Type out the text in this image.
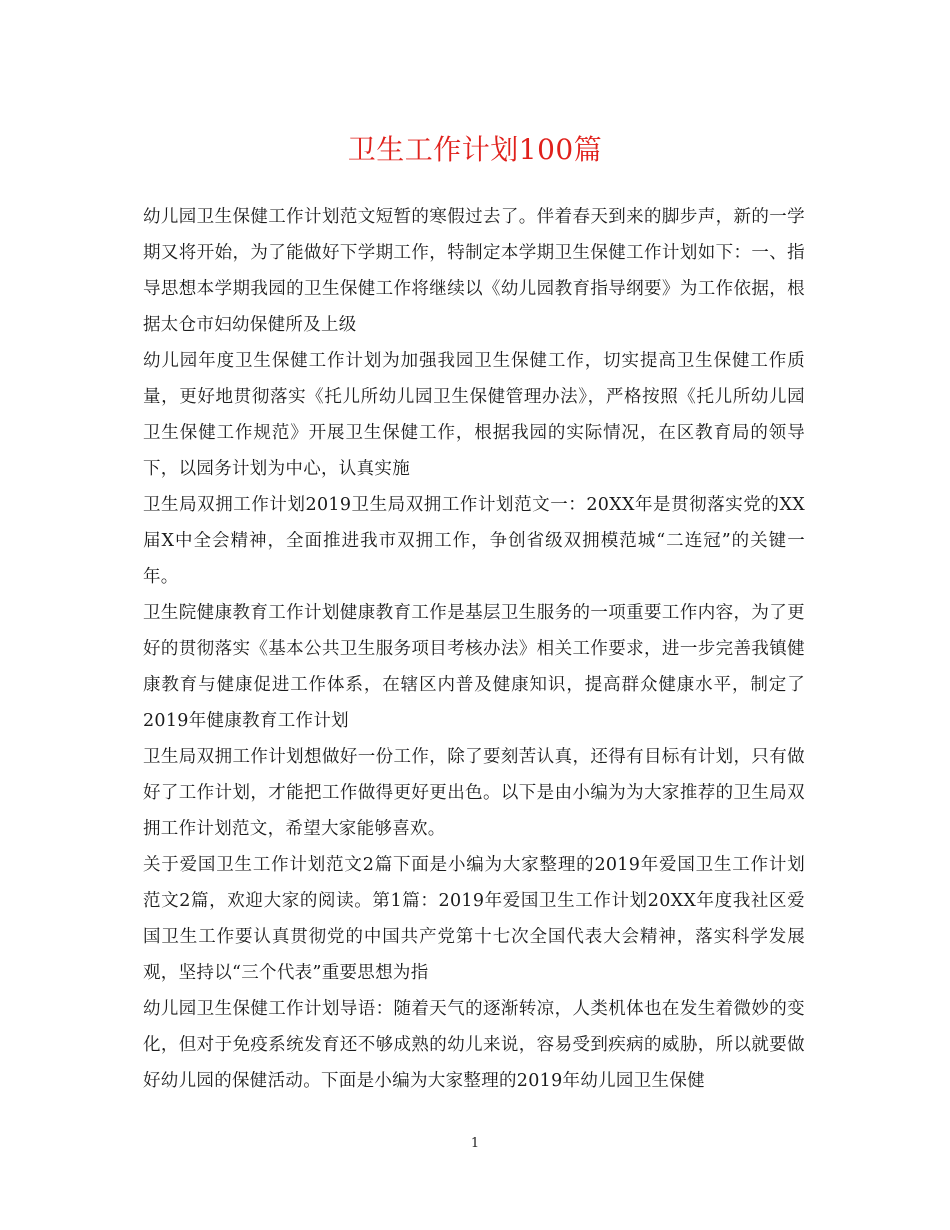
卫生工作计划100篇

幼儿园卫生保健工作计划范文短暂的寒假过去了。伴着春天到来的脚步声，新的一学期又将开始，为了能做好下学期工作，特制定本学期卫生保健工作计划如下：一、指导思想本学期我园的卫生保健工作将继续以《幼儿园教育指导纲要》为工作依据，根据太仓市妇幼保健所及上级

幼儿园年度卫生保健工作计划为加强我园卫生保健工作，切实提高卫生保健工作质量，更好地贯彻落实《托儿所幼儿园卫生保健管理办法》，严格按照《托儿所幼儿园卫生保健工作规范》开展卫生保健工作，根据我园的实际情况，在区教育局的领导下，以园务计划为中心，认真实施

卫生局双拥工作计划2019卫生局双拥工作计划范文一：20XX年是贯彻落实党的XX届X中全会精神，全面推进我市双拥工作，争创省级双拥模范城“二连冠”的关键一年。

卫生院健康教育工作计划健康教育工作是基层卫生服务的一项重要工作内容，为了更好的贯彻落实《基本公共卫生服务项目考核办法》相关工作要求，进一步完善我镇健康教育与健康促进工作体系，在辖区内普及健康知识，提高群众健康水平，制定了2019年健康教育工作计划

卫生局双拥工作计划想做好一份工作，除了要刻苦认真，还得有目标有计划，只有做好了工作计划，才能把工作做得更好更出色。以下是由小编为为大家推荐的卫生局双拥工作计划范文，希望大家能够喜欢。

关于爱国卫生工作计划范文2篇下面是小编为大家整理的2019年爱国卫生工作计划范文2篇，欢迎大家的阅读。第1篇：2019年爱国卫生工作计划20XX年度我社区爱国卫生工作要认真贯彻党的中国共产党第十七次全国代表大会精神，落实科学发展观，坚持以“三个代表”重要思想为指

幼儿园卫生保健工作计划导语：随着天气的逐渐转凉，人类机体也在发生着微妙的变化，但对于免疫系统发育还不够成熟的幼儿来说，容易受到疾病的威胁，所以就要做好幼儿园的保健活动。下面是小编为大家整理的2019年幼儿园卫生保健

1
